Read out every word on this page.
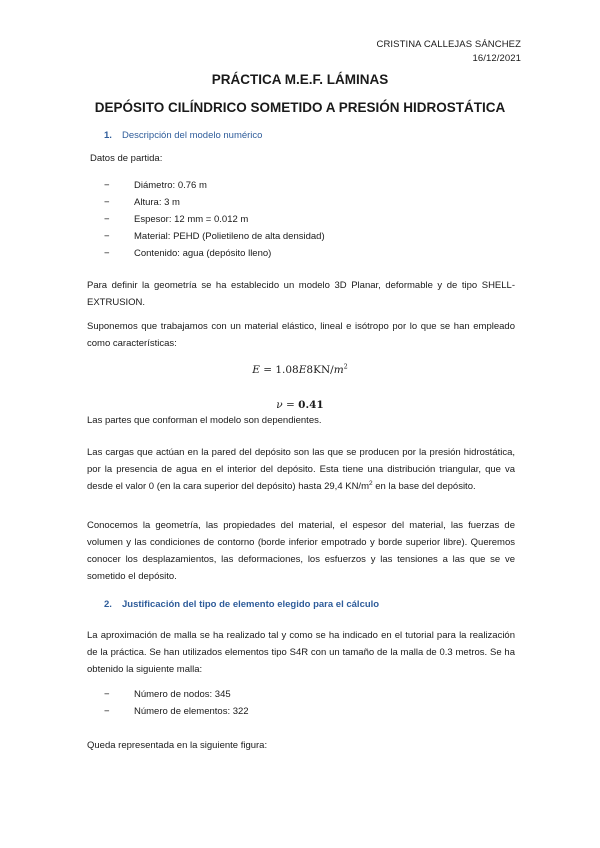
CRISTINA CALLEJAS SÁNCHEZ
16/12/2021
PRÁCTICA M.E.F. LÁMINAS
DEPÓSITO CILÍNDRICO SOMETIDO A PRESIÓN HIDROSTÁTICA
1. Descripción del modelo numérico
Datos de partida:
−	Diámetro: 0.76 m
−	Altura: 3 m
−	Espesor: 12 mm = 0.012 m
−	Material: PEHD (Polietileno de alta densidad)
−	Contenido: agua (depósito lleno)
Para definir la geometría se ha establecido un modelo 3D Planar, deformable y de tipo SHELL-EXTRUSION.
Suponemos que trabajamos con un material elástico, lineal e isótropo por lo que se han empleado como características:
$E = 1.08E8KN/m^2$
ν = 0.41
Las partes que conforman el modelo son dependientes.
Las cargas que actúan en la pared del depósito son las que se producen por la presión hidrostática, por la presencia de agua en el interior del depósito. Esta tiene una distribución triangular, que va desde el valor 0 (en la cara superior del depósito) hasta 29,4 $KN/m^2$ en la base del depósito.
Conocemos la geometría, las propiedades del material, el espesor del material, las fuerzas de volumen y las condiciones de contorno (borde inferior empotrado y borde superior libre). Queremos conocer los desplazamientos, las deformaciones, los esfuerzos y las tensiones a las que se ve sometido el depósito.
2. Justificación del tipo de elemento elegido para el cálculo
La aproximación de malla se ha realizado tal y como se ha indicado en el tutorial para la realización de la práctica. Se han utilizados elementos tipo S4R con un tamaño de la malla de 0.3 metros. Se ha obtenido la siguiente malla:
−	Número de nodos: 345
−	Número de elementos: 322
Queda representada en la siguiente figura:
